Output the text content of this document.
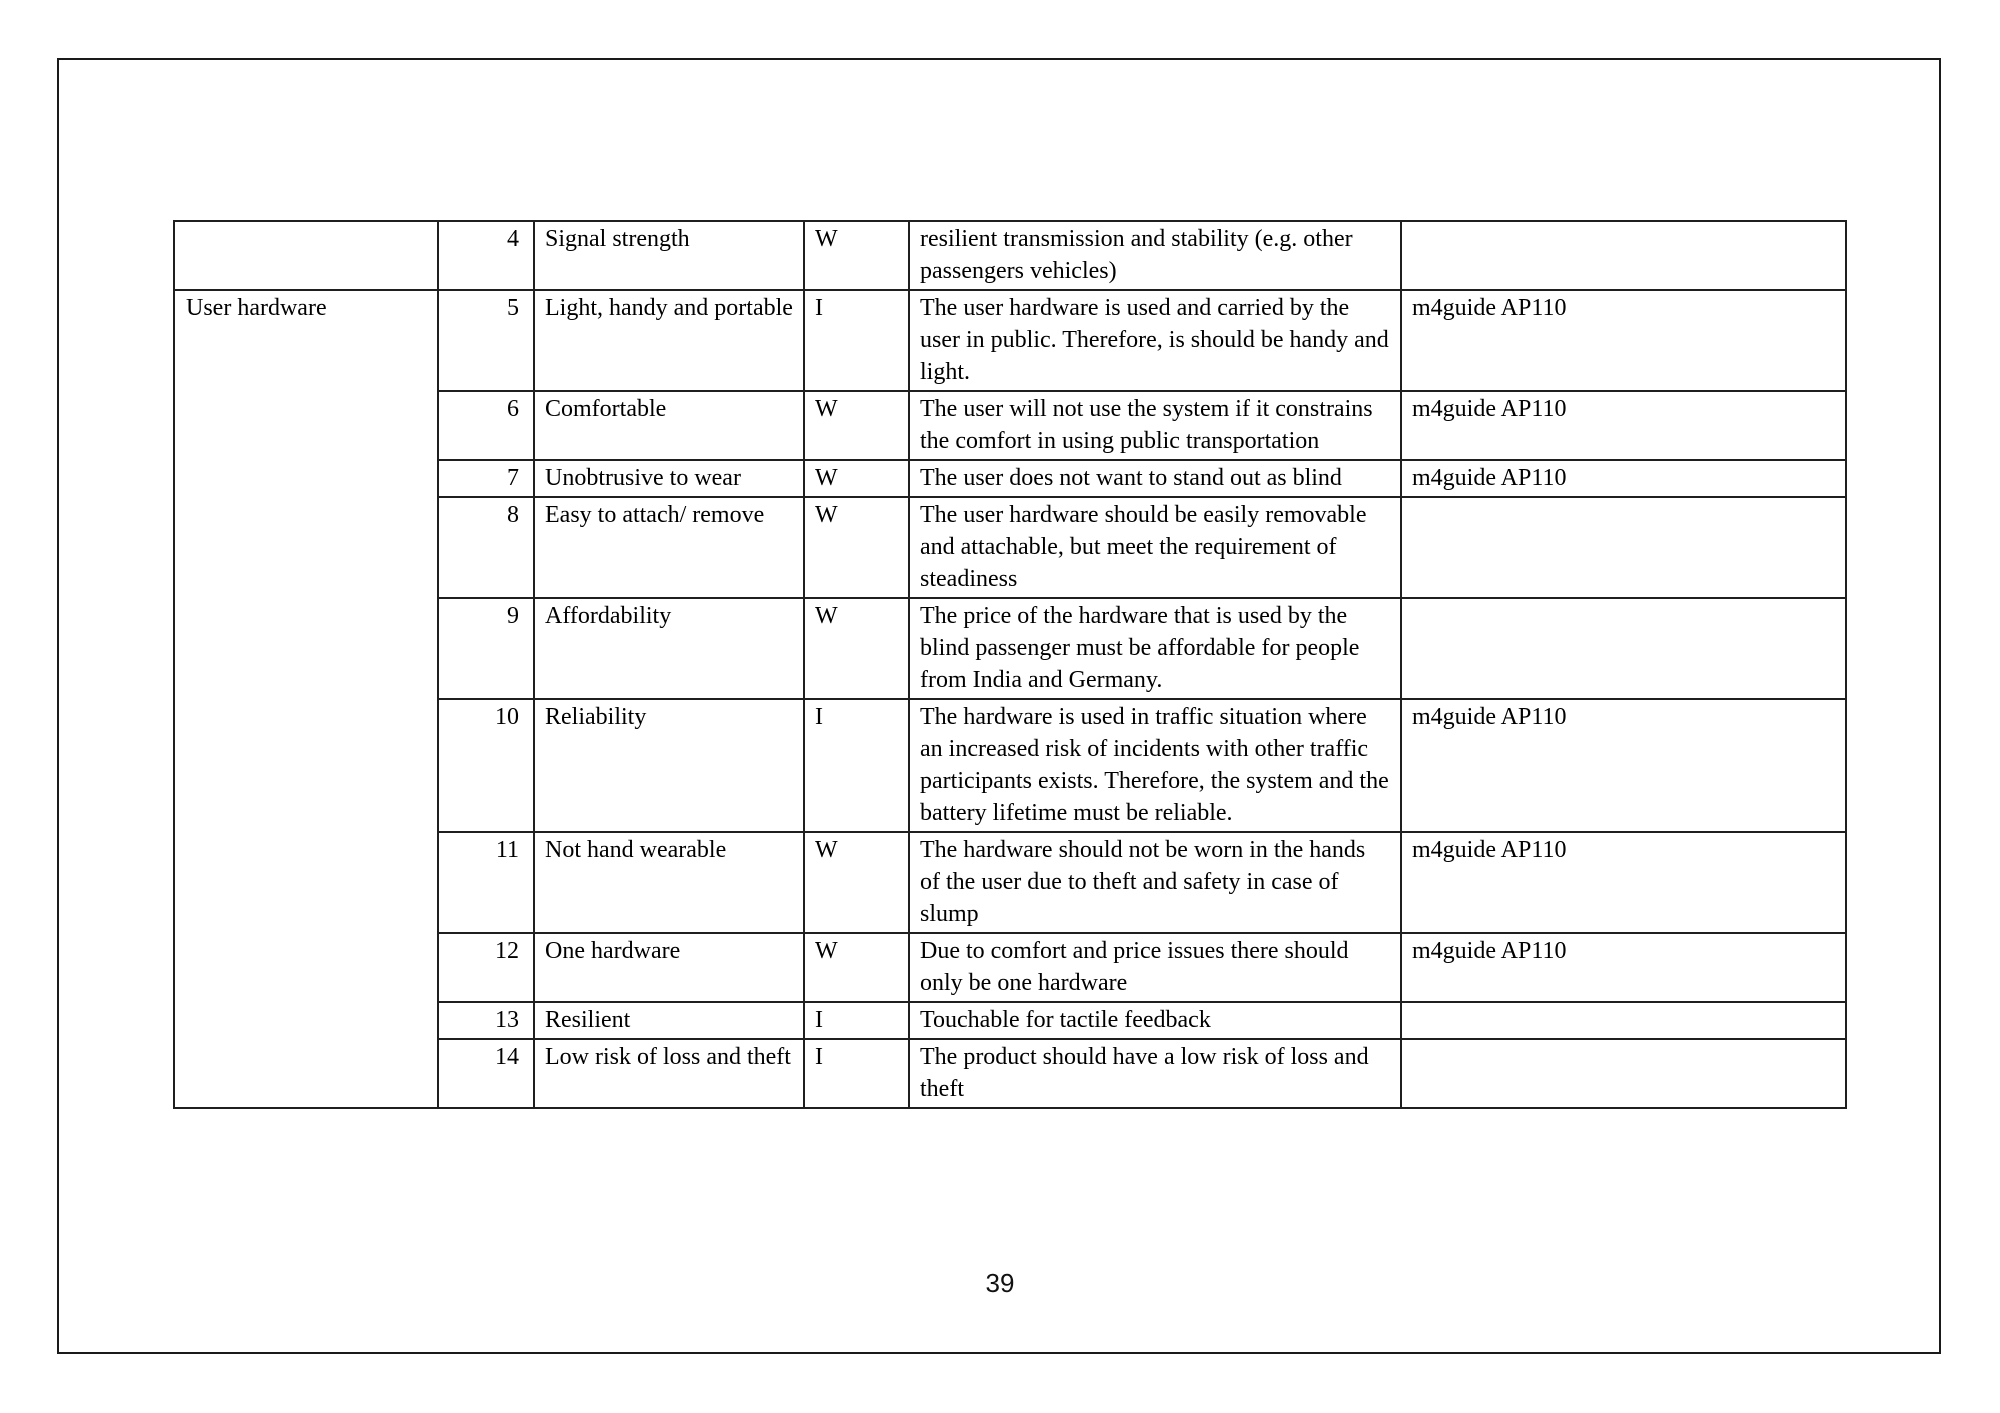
	4	Signal strength	W	resilient transmission and stability (e.g. other passengers vehicles)	
User hardware	5	Light, handy and portable	I	The user hardware is used and carried by the user in public. Therefore, is should be handy and light.	m4guide AP110
	6	Comfortable	W	The user will not use the system if it constrains the comfort in using public transportation	m4guide AP110
	7	Unobtrusive to wear	W	The user does not want to stand out as blind	m4guide AP110
	8	Easy to attach/ remove	W	The user hardware should be easily removable and attachable, but meet the requirement of steadiness	
	9	Affordability	W	The price of the hardware that is used by the blind passenger must be affordable for people from India and Germany.	
	10	Reliability	I	The hardware is used in traffic situation where an increased risk of incidents with other traffic participants exists. Therefore, the system and the battery lifetime must be reliable.	m4guide AP110
	11	Not hand wearable	W	The hardware should not be worn in the hands of the user due to theft and safety in case of slump	m4guide AP110
	12	One hardware	W	Due to comfort and price issues there should only be one hardware	m4guide AP110
	13	Resilient	I	Touchable for tactile feedback	
	14	Low risk of loss and theft	I	The product should have a low risk of loss and theft	
39
